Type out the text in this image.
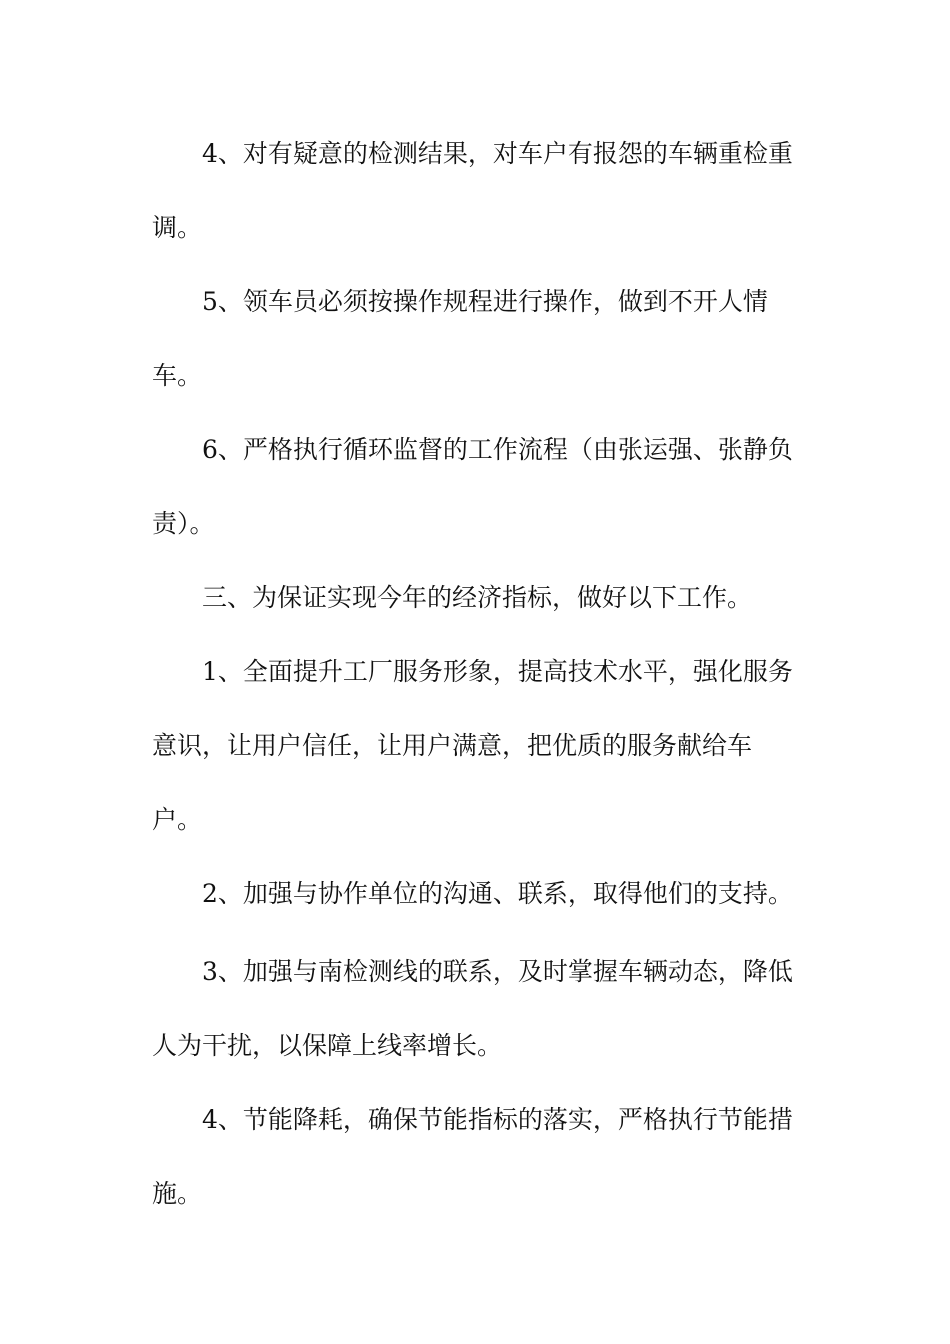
4、对有疑意的检测结果，对车户有报怨的车辆重检重
调。
5、领车员必须按操作规程进行操作，做到不开人情
车。
6、严格执行循环监督的工作流程（由张运强、张静负
责）。
三、为保证实现今年的经济指标，做好以下工作。
1、全面提升工厂服务形象，提高技术水平，强化服务
意识，让用户信任，让用户满意，把优质的服务献给车
户。
2、加强与协作单位的沟通、联系，取得他们的支持。
3、加强与南检测线的联系，及时掌握车辆动态，降低
人为干扰，以保障上线率增长。
4、节能降耗，确保节能指标的落实，严格执行节能措
施。
